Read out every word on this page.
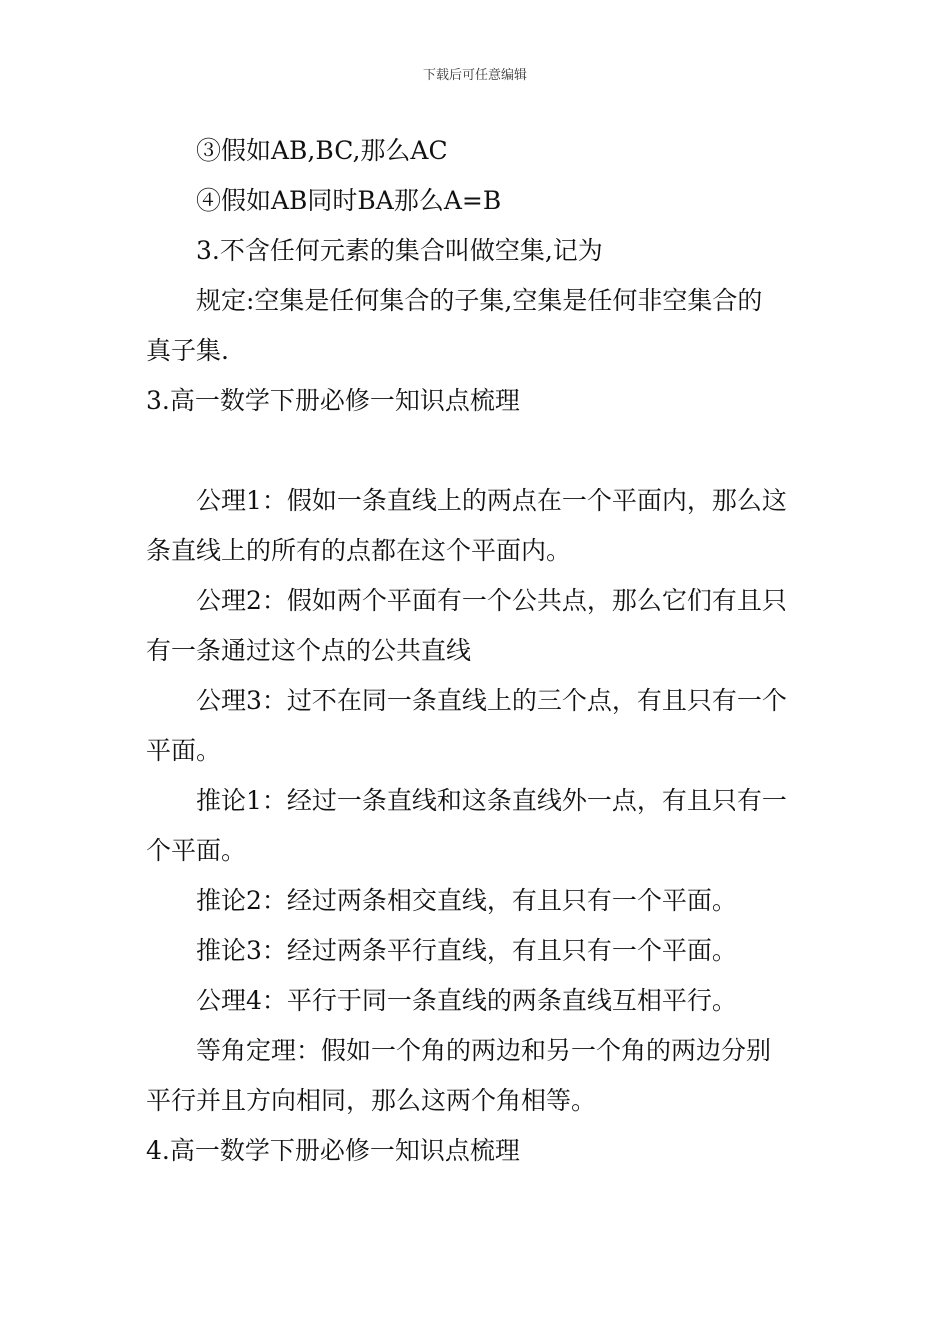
下载后可任意编辑
③假如AB,BC,那么AC
④假如AB同时BA那么A=B
3.不含任何元素的集合叫做空集,记为
规定:空集是任何集合的子集,空集是任何非空集合的
真子集.
3.高一数学下册必修一知识点梳理
公理1：假如一条直线上的两点在一个平面内，那么这
条直线上的所有的点都在这个平面内。
公理2：假如两个平面有一个公共点，那么它们有且只
有一条通过这个点的公共直线
公理3：过不在同一条直线上的三个点，有且只有一个
平面。
推论1：经过一条直线和这条直线外一点，有且只有一
个平面。
推论2：经过两条相交直线，有且只有一个平面。
推论3：经过两条平行直线，有且只有一个平面。
公理4：平行于同一条直线的两条直线互相平行。
等角定理：假如一个角的两边和另一个角的两边分别
平行并且方向相同，那么这两个角相等。
4.高一数学下册必修一知识点梳理
